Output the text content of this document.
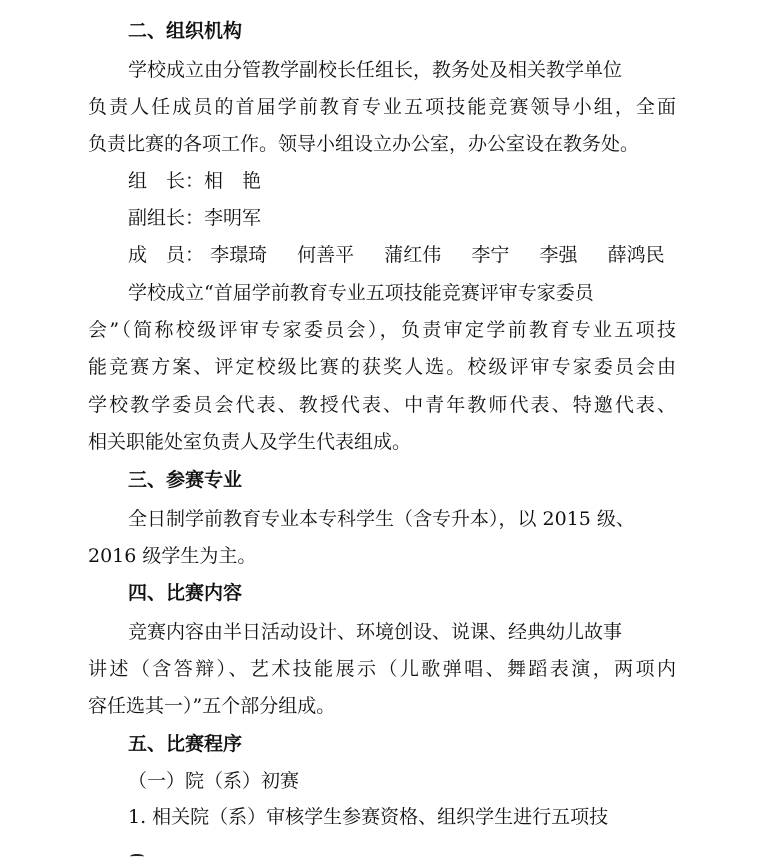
二、组织机构
学校成立由分管教学副校长任组长，教务处及相关教学单位
负责人任成员的首届学前教育专业五项技能竞赛领导小组，全面
负责比赛的各项工作。领导小组设立办公室，办公室设在教务处。
组　长：相　艳
副组长：李明军
成　员： 李璟琦 何善平 蒲红伟 李宁 李强 薛鸿民
学校成立“首届学前教育专业五项技能竞赛评审专家委员
会”（简称校级评审专家委员会），负责审定学前教育专业五项技
能竞赛方案、评定校级比赛的获奖人选。校级评审专家委员会由
学校教学委员会代表、教授代表、中青年教师代表、特邀代表、
相关职能处室负责人及学生代表组成。
三、参赛专业
全日制学前教育专业本专科学生（含专升本），以 2015 级、
2016 级学生为主。
四、比赛内容
竞赛内容由半日活动设计、环境创设、说课、经典幼儿故事
讲述（含答辩）、艺术技能展示（儿歌弹唱、舞蹈表演，两项内
容任选其一）”五个部分组成。
五、比赛程序
（一）院（系）初赛
1. 相关院（系）审核学生参赛资格、组织学生进行五项技
